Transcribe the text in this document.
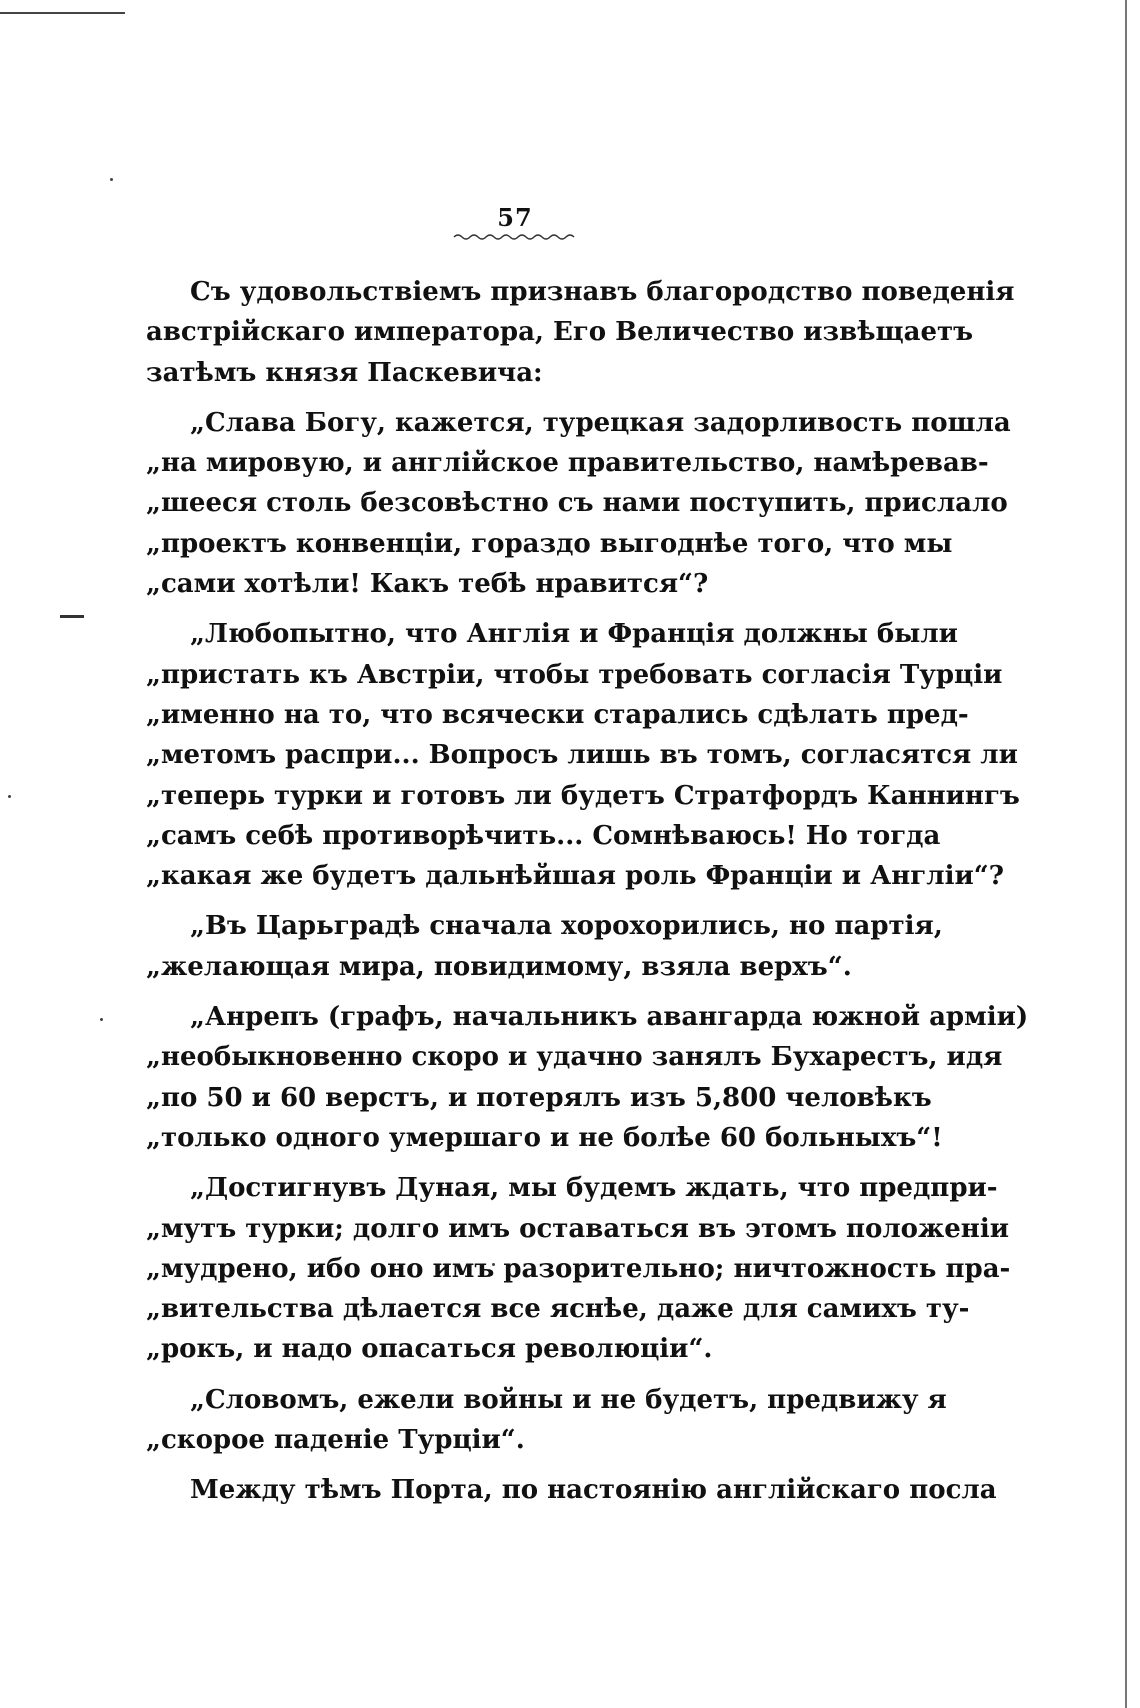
57

Съ удовольствіемъ признавъ благородство поведенія
австрійскаго императора, Его Величество извѣщаетъ
затѣмъ князя Паскевича:

„Слава Богу, кажется, турецкая задорливость пошла
„на мировую, и англійское правительство, намѣревав-
„шееся столь безсовѣстно съ нами поступить, прислало
„проектъ конвенціи, гораздо выгоднѣе того, что мы
„сами хотѣли! Какъ тебѣ нравится“?

„Любопытно, что Англія и Франція должны были
„пристать къ Австріи, чтобы требовать согласія Турціи
„именно на то, что всячески старались сдѣлать пред-
„метомъ распри... Вопросъ лишь въ томъ, согласятся ли
„теперь турки и готовъ ли будетъ Стратфордъ Каннингъ
„самъ себѣ противорѣчить... Сомнѣваюсь! Но тогда
„какая же будетъ дальнѣйшая роль Франціи и Англіи“?

„Въ Царьградѣ сначала хорохорились, но партія,
„желающая мира, повидимому, взяла верхъ“.

„Анрепъ (графъ, начальникъ авангарда южной арміи)
„необыкновенно скоро и удачно занялъ Бухарестъ, идя
„по 50 и 60 верстъ, и потерялъ изъ 5,800 человѣкъ
„только одного умершаго и не болѣе 60 больныхъ“!

„Достигнувъ Дуная, мы будемъ ждать, что предпри-
„мутъ турки; долго имъ оставаться въ этомъ положеніи
„мудрено, ибо оно имъ разорительно; ничтожность пра-
„вительства дѣлается все яснѣе, даже для самихъ ту-
„рокъ, и надо опасаться революціи“.

„Словомъ, ежели войны и не будетъ, предвижу я
„скорое паденіе Турціи“.

Между тѣмъ Порта, по настоянію англійскаго посла
